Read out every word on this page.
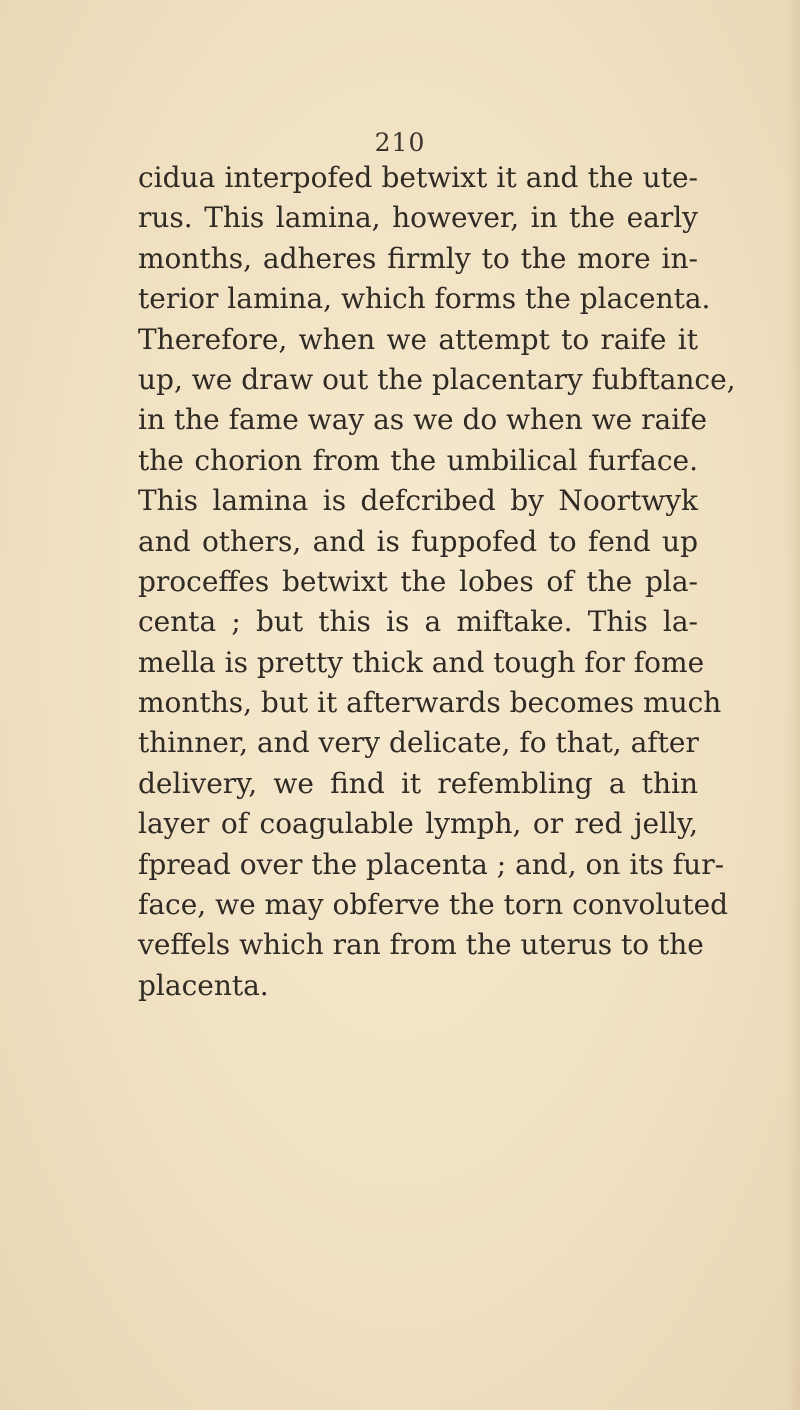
210
cidua interpofed betwixt it and the ute-
rus. This lamina, however, in the early
months, adheres firmly to the more in-
terior lamina, which forms the placenta.
Therefore, when we attempt to raife it
up, we draw out the placentary fubftance,
in the fame way as we do when we raife
the chorion from the umbilical furface.
This lamina is defcribed by Noortwyk
and others, and is fuppofed to fend up
proceffes betwixt the lobes of the pla-
centa ; but this is a miftake. This la-
mella is pretty thick and tough for fome
months, but it afterwards becomes much
thinner, and very delicate, fo that, after
delivery, we find it refembling a thin
layer of coagulable lymph, or red jelly,
fpread over the placenta ; and, on its fur-
face, we may obferve the torn convoluted
veffels which ran from the uterus to the
placenta.
